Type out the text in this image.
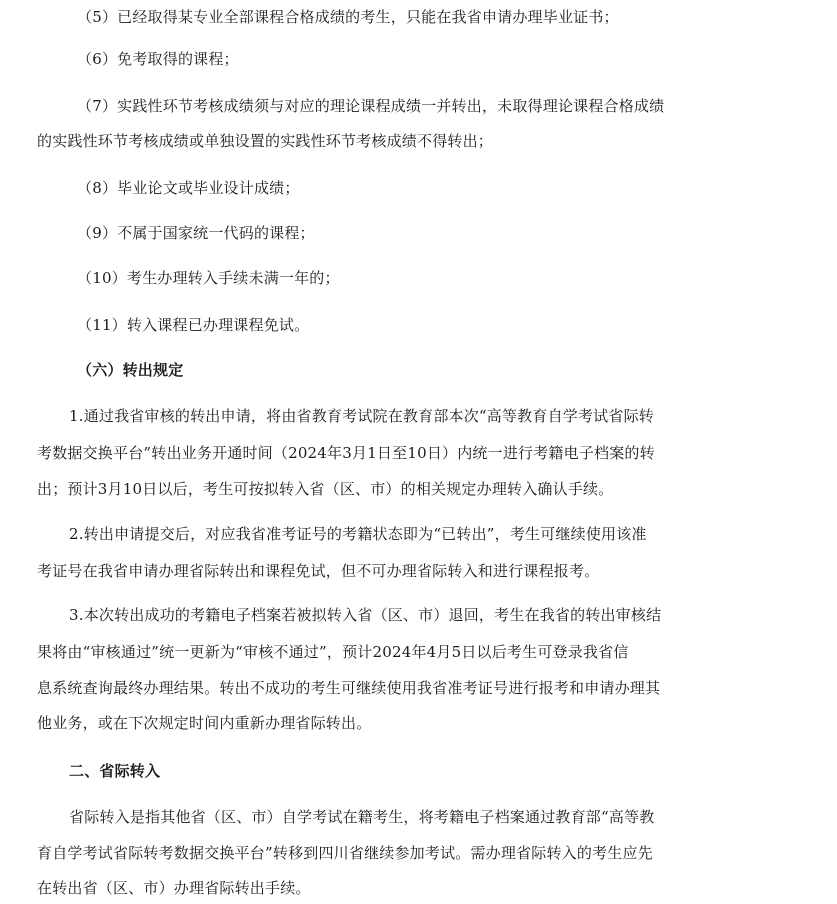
（5）已经取得某专业全部课程合格成绩的考生，只能在我省申请办理毕业证书；
（6）免考取得的课程；
（7）实践性环节考核成绩须与对应的理论课程成绩一并转出，未取得理论课程合格成绩
的实践性环节考核成绩或单独设置的实践性环节考核成绩不得转出；
（8）毕业论文或毕业设计成绩；
（9）不属于国家统一代码的课程；
（10）考生办理转入手续未满一年的；
（11）转入课程已办理课程免试。
（六）转出规定
1.通过我省审核的转出申请，将由省教育考试院在教育部本次“高等教育自学考试省际转
考数据交换平台”转出业务开通时间（2024年3月1日至10日）内统一进行考籍电子档案的转
出；预计3月10日以后，考生可按拟转入省（区、市）的相关规定办理转入确认手续。
2.转出申请提交后，对应我省准考证号的考籍状态即为“已转出”，考生可继续使用该准
考证号在我省申请办理省际转出和课程免试，但不可办理省际转入和进行课程报考。
3.本次转出成功的考籍电子档案若被拟转入省（区、市）退回，考生在我省的转出审核结
果将由“审核通过”统一更新为“审核不通过”，预计2024年4月5日以后考生可登录我省信
息系统查询最终办理结果。转出不成功的考生可继续使用我省准考证号进行报考和申请办理其
他业务，或在下次规定时间内重新办理省际转出。
二、省际转入
省际转入是指其他省（区、市）自学考试在籍考生，将考籍电子档案通过教育部“高等教
育自学考试省际转考数据交换平台”转移到四川省继续参加考试。需办理省际转入的考生应先
在转出省（区、市）办理省际转出手续。
